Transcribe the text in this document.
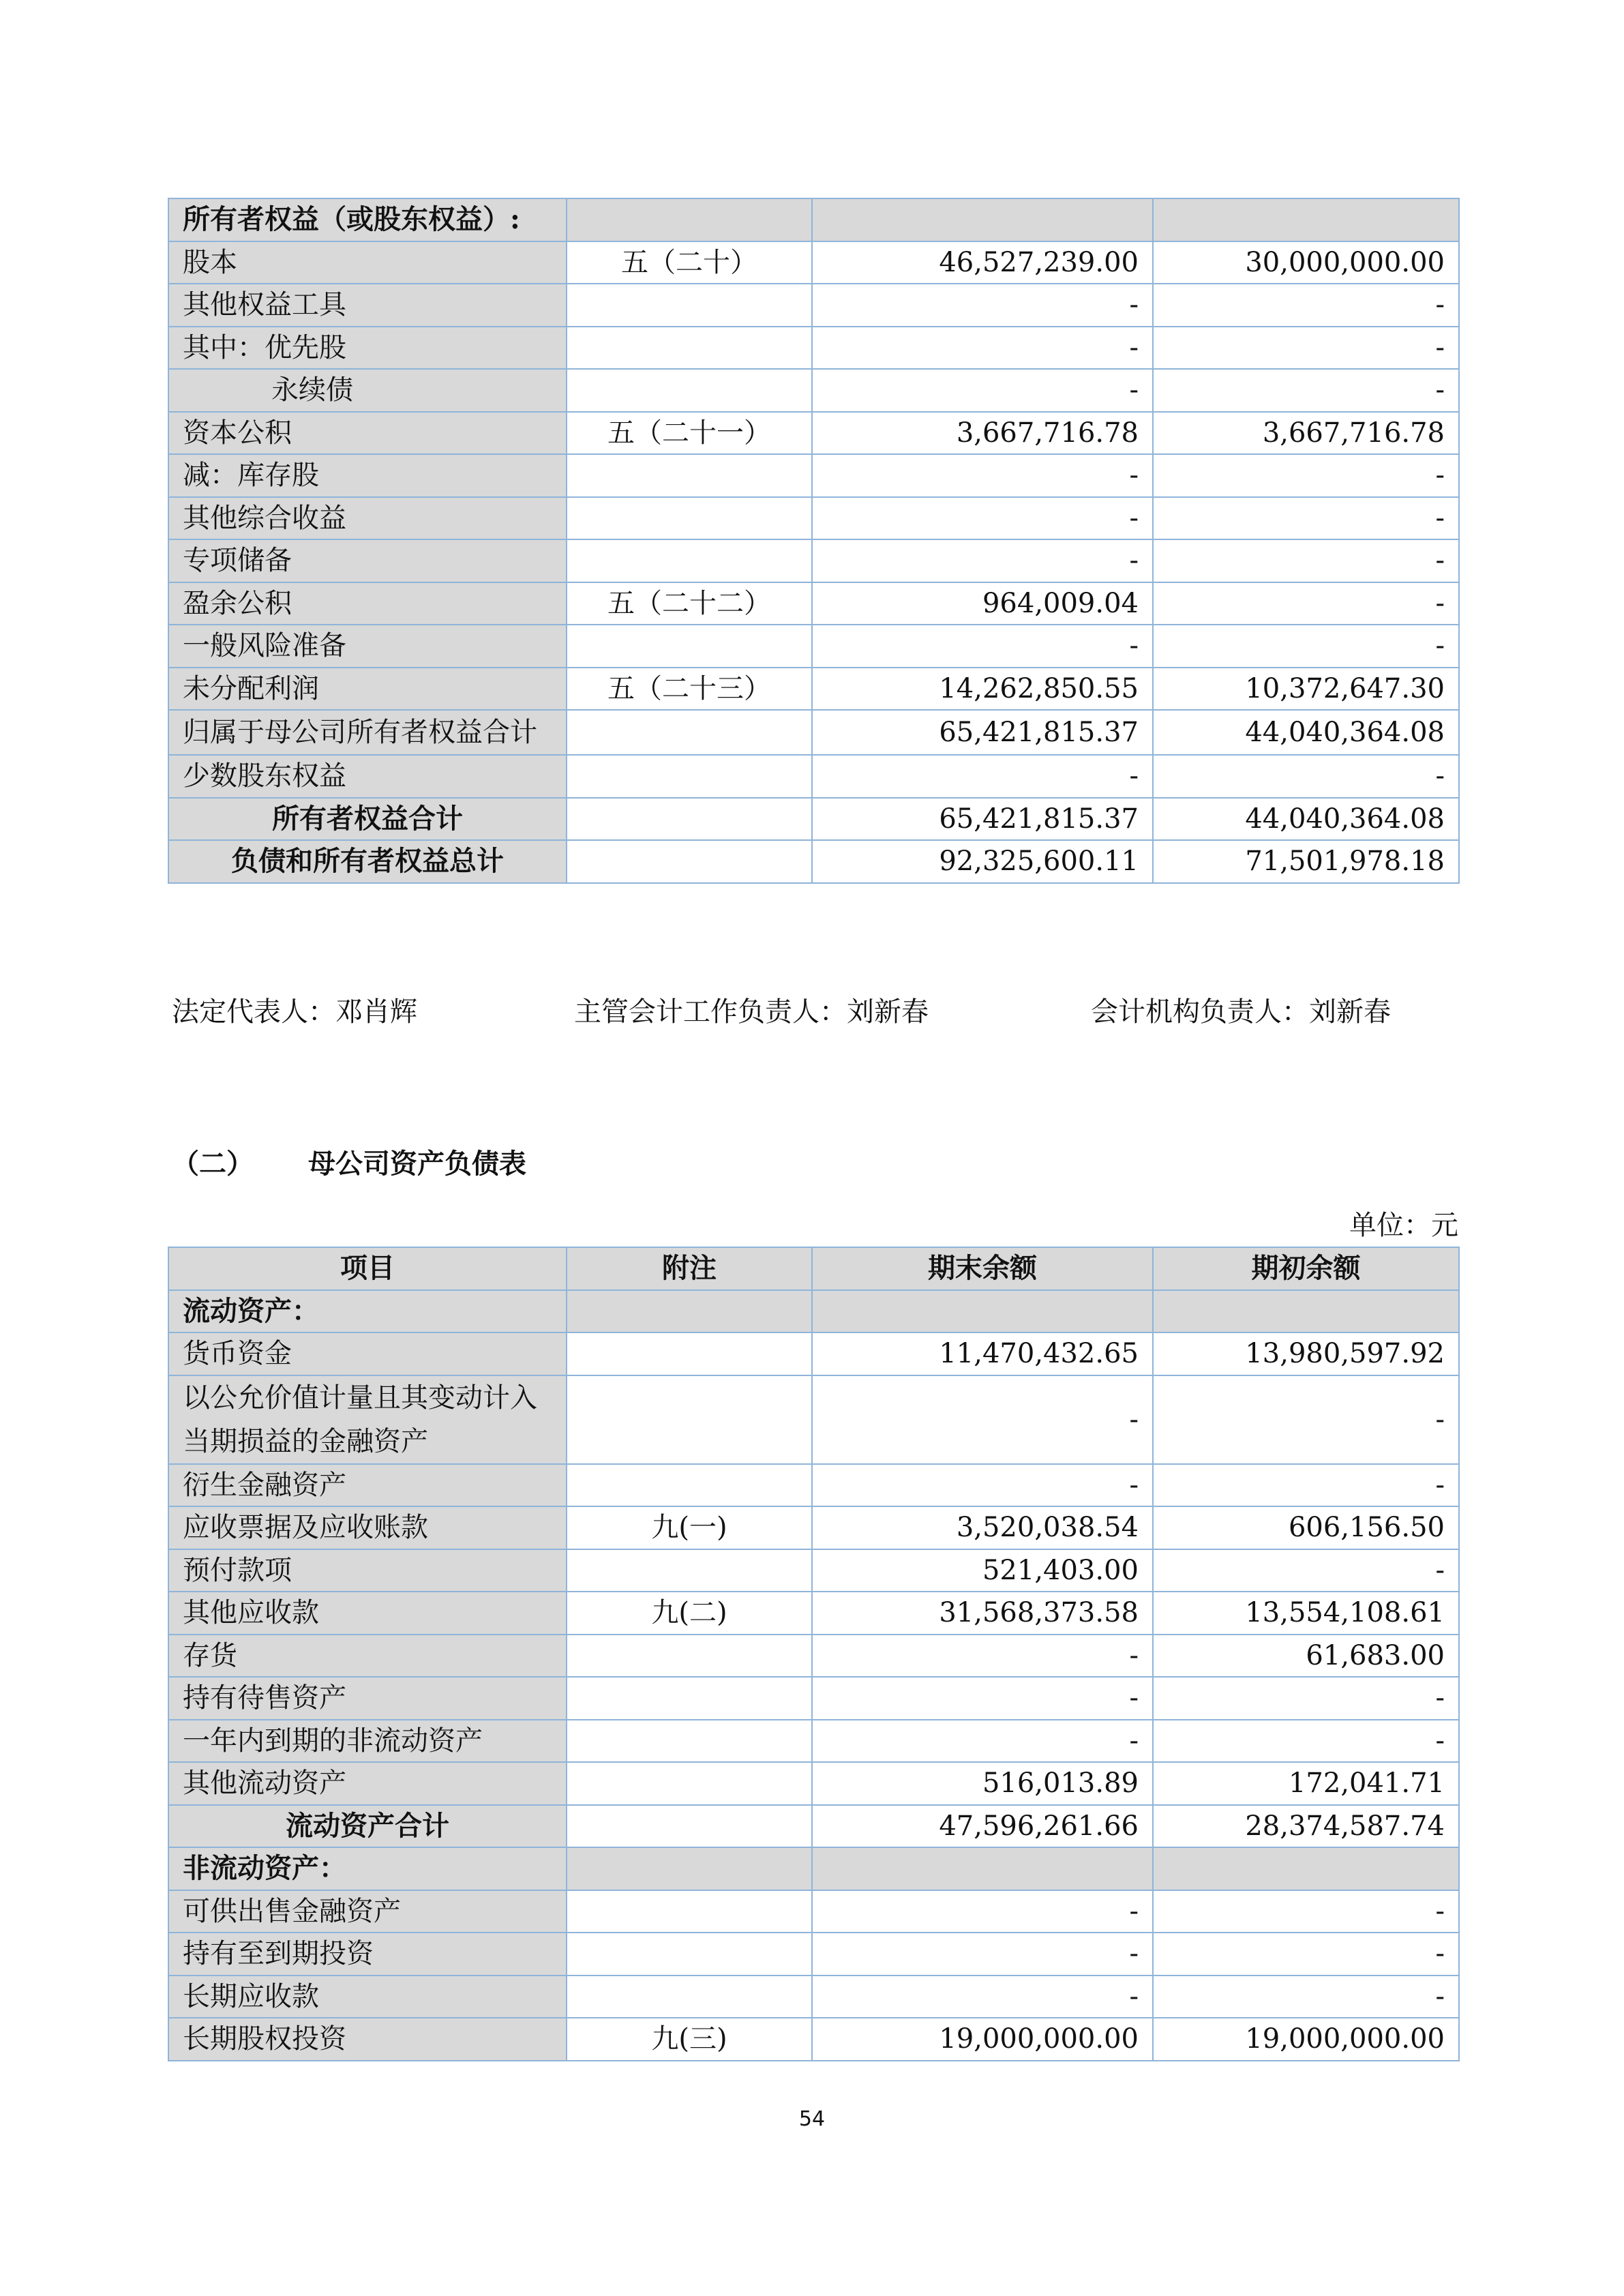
所有者权益（或股东权益）:			
股本	五（二十）	46,527,239.00	30,000,000.00
其他权益工具		-	-
其中：优先股		-	-
永续债		-	-
资本公积	五（二十一）	3,667,716.78	3,667,716.78
减：库存股		-	-
其他综合收益		-	-
专项储备		-	-
盈余公积	五（二十二）	964,009.04	-
一般风险准备		-	-
未分配利润	五（二十三）	14,262,850.55	10,372,647.30
归属于母公司所有者权益合计		65,421,815.37	44,040,364.08
少数股东权益		-	-
所有者权益合计		65,421,815.37	44,040,364.08
负债和所有者权益总计		92,325,600.11	71,501,978.18
法定代表人：邓肖辉	主管会计工作负责人：刘新春	会计机构负责人：刘新春
（二） 母公司资产负债表
单位：元
项目	附注	期末余额	期初余额
流动资产：			
货币资金		11,470,432.65	13,980,597.92
以公允价值计量且其变动计入当期损益的金融资产		-	-
衍生金融资产		-	-
应收票据及应收账款	九(一)	3,520,038.54	606,156.50
预付款项		521,403.00	-
其他应收款	九(二)	31,568,373.58	13,554,108.61
存货		-	61,683.00
持有待售资产		-	-
一年内到期的非流动资产		-	-
其他流动资产		516,013.89	172,041.71
流动资产合计		47,596,261.66	28,374,587.74
非流动资产：			
可供出售金融资产		-	-
持有至到期投资		-	-
长期应收款		-	-
长期股权投资	九(三)	19,000,000.00	19,000,000.00
54
